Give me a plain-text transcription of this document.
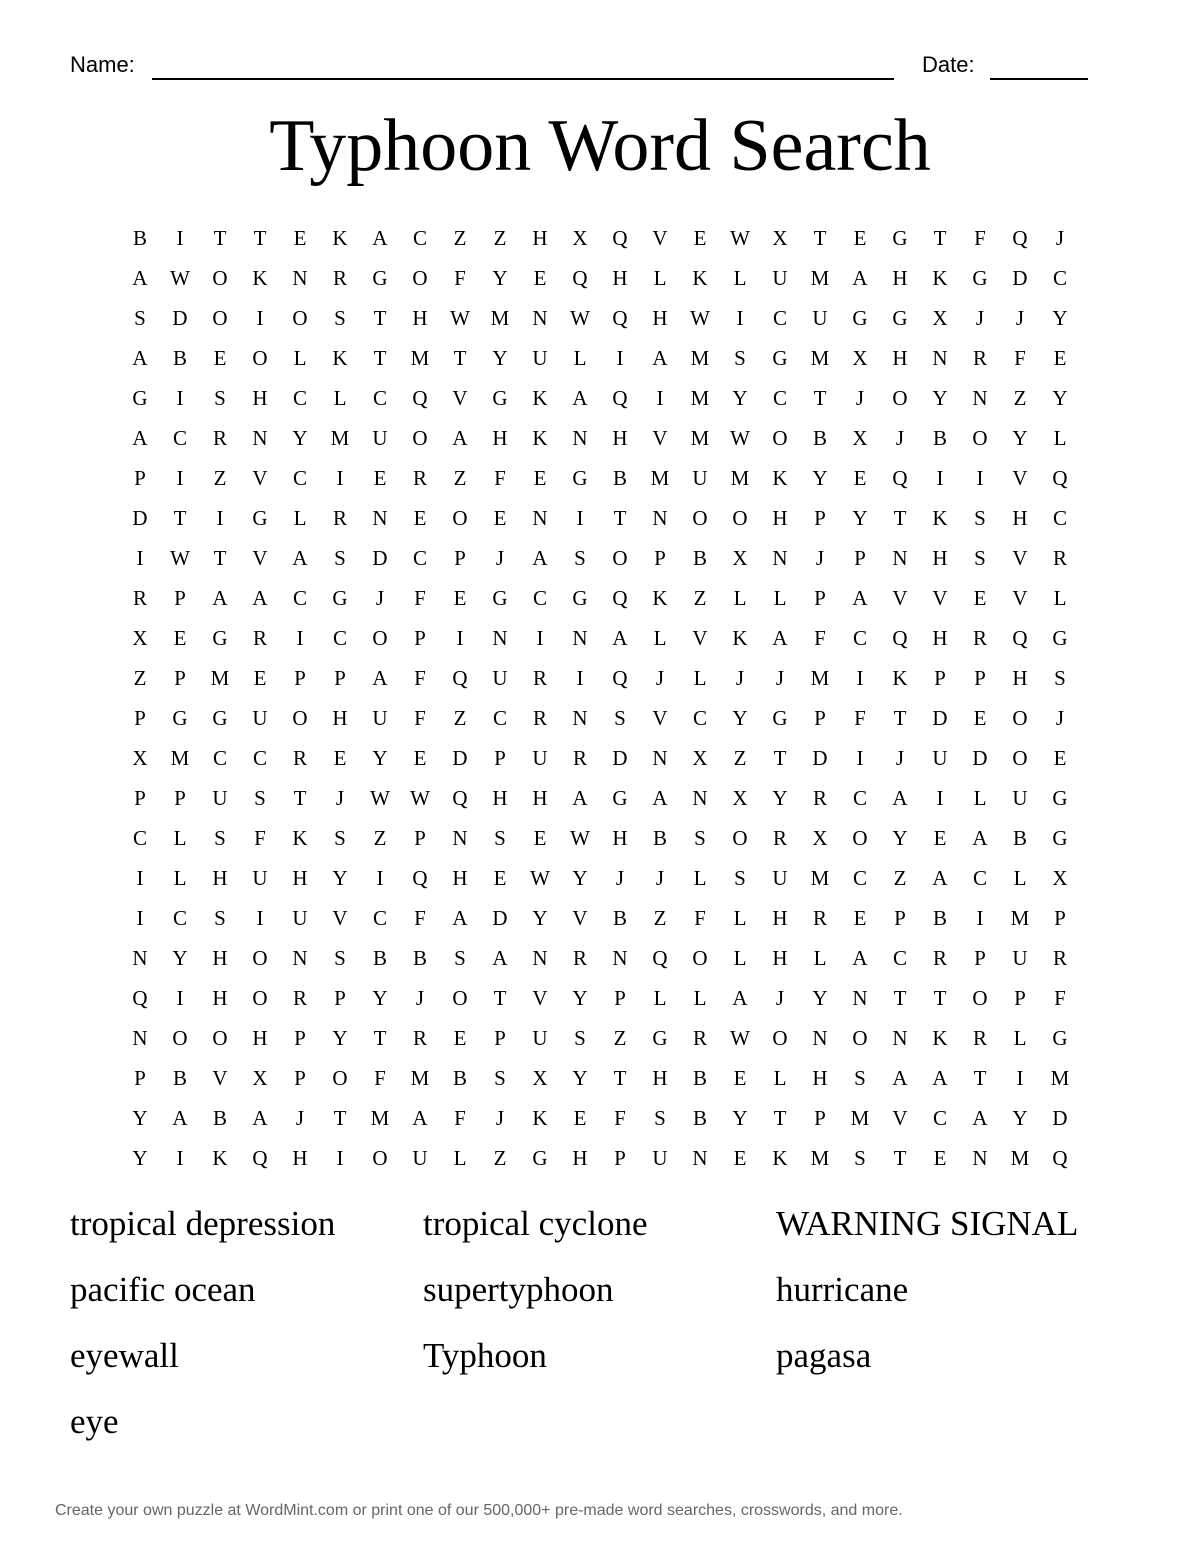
Name:	Date:
Typhoon Word Search
B	I	T	T	E	K	A	C	Z	Z	H	X	Q	V	E	W	X	T	E	G	T	F	Q	J
A	W	O	K	N	R	G	O	F	Y	E	Q	H	L	K	L	U	M	A	H	K	G	D	C
S	D	O	I	O	S	T	H	W M	N	W	Q	H	W	I	C	U	G	G	X	J	J	Y
A	B	E	O	L	K	T	M	T	Y	U	L	I	A	M	S	G	M	X	H	N	R	F	E
G	I	S	H	C	L	C	Q	V	G	K	A	Q	I	M	Y	C	T	J	O	Y	N	Z	Y
A	C	R	N	Y	M	U	O	A	H	K	N	H	V	M W	O	B	X	J	B	O	Y	L
P	I	Z	V	C	I	E	R	Z	F	E	G	B	M	U	M	K	Y	E	Q	I	I	V	Q
D	T	I	G	L	R	N	E	O	E	N	I	T	N	O	O	H	P	Y	T	K	S	H	C
I	W	T	V	A	S	D	C	P	J	A	S	O	P	B	X	N	J	P	N	H	S	V	R
R	P	A	A	C	G	J	F	E	G	C	G	Q	K	Z	L	L	P	A	V	V	E	V	L
X	E	G	R	I	C	O	P	I	N	I	N	A	L	V	K	A	F	C	Q	H	R	Q	G
Z	P	M	E	P	P	A	F	Q	U	R	I	Q	J	L	J	J	M	I	K	P	P	H	S
P	G	G	U	O	H	U	F	Z	C	R	N	S	V	C	Y	G	P	F	T	D	E	O	J
X	M	C	C	R	E	Y	E	D	P	U	R	D	N	X	Z	T	D	I	J	U	D	O	E
P	P	U	S	T	J	W W	Q	H	H	A	G	A	N	X	Y	R	C	A	I	L	U	G
C	L	S	F	K	S	Z	P	N	S	E	W	H	B	S	O	R	X	O	Y	E	A	B	G
I	L	H	U	H	Y	I	Q	H	E	W	Y	J	J	L	S	U	M	C	Z	A	C	L	X
I	C	S	I	U	V	C	F	A	D	Y	V	B	Z	F	L	H	R	E	P	B	I	M	P
N	Y	H	O	N	S	B	B	S	A	N	R	N	Q	O	L	H	L	A	C	R	P	U	R
Q	I	H	O	R	P	Y	J	O	T	V	Y	P	L	L	A	J	Y	N	T	T	O	P	F
N	O	O	H	P	Y	T	R	E	P	U	S	Z	G	R	W	O	N	O	N	K	R	L	G
P	B	V	X	P	O	F	M	B	S	X	Y	T	H	B	E	L	H	S	A	A	T	I	M
Y	A	B	A	J	T	M	A	F	J	K	E	F	S	B	Y	T	P	M	V	C	A	Y	D
Y	I	K	Q	H	I	O	U	L	Z	G	H	P	U	N	E	K	M	S	T	E	N	M	Q
tropical depression	tropical cyclone	WARNING SIGNAL
pacific ocean	supertyphoon	hurricane
eyewall	Typhoon	pagasa
eye
Create your own puzzle at WordMint.com or print one of our 500,000+ pre-made word searches, crosswords, and more.
